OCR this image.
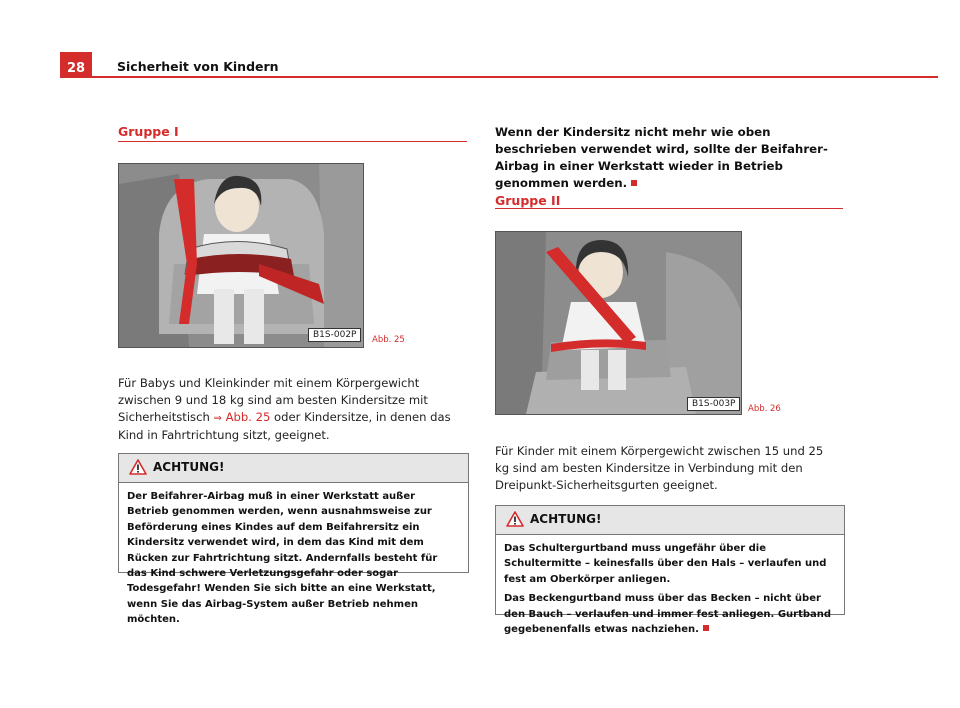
28	Sicherheit von Kindern
Gruppe I
B1S-002P	Abb. 25
Für Babys und Kleinkinder mit einem Körpergewicht zwischen 9 und 18 kg sind am besten Kindersitze mit Sicherheitstisch ⇒ Abb. 25 oder Kindersitze, in denen das Kind in Fahrtrichtung sitzt, geeignet.
ACHTUNG!

Der Beifahrer-Airbag muß in einer Werkstatt außer Betrieb genommen werden, wenn ausnahmsweise zur Beförderung eines Kindes auf dem Beifahrersitz ein Kindersitz verwendet wird, in dem das Kind mit dem Rücken zur Fahrtrichtung sitzt. Andernfalls besteht für das Kind schwere Verletzungsgefahr oder sogar Todesgefahr! Wenden Sie sich bitte an eine Werkstatt, wenn Sie das Airbag-System außer Betrieb nehmen möchten.

Wenn der Kindersitz nicht mehr wie oben beschrieben verwendet wird, sollte der Beifahrer-Airbag in einer Werkstatt wieder in Betrieb genommen werden.
Gruppe II
B1S-003P	Abb. 26
Für Kinder mit einem Körpergewicht zwischen 15 und 25 kg sind am besten Kindersitze in Verbindung mit den Dreipunkt-Sicherheitsgurten geeignet.
ACHTUNG!

Das Schultergurtband muss ungefähr über die Schultermitte – keinesfalls über den Hals – verlaufen und fest am Oberkörper anliegen.

Das Beckengurtband muss über das Becken – nicht über den Bauch – verlaufen und immer fest anliegen. Gurtband gegebenenfalls etwas nachziehen.
